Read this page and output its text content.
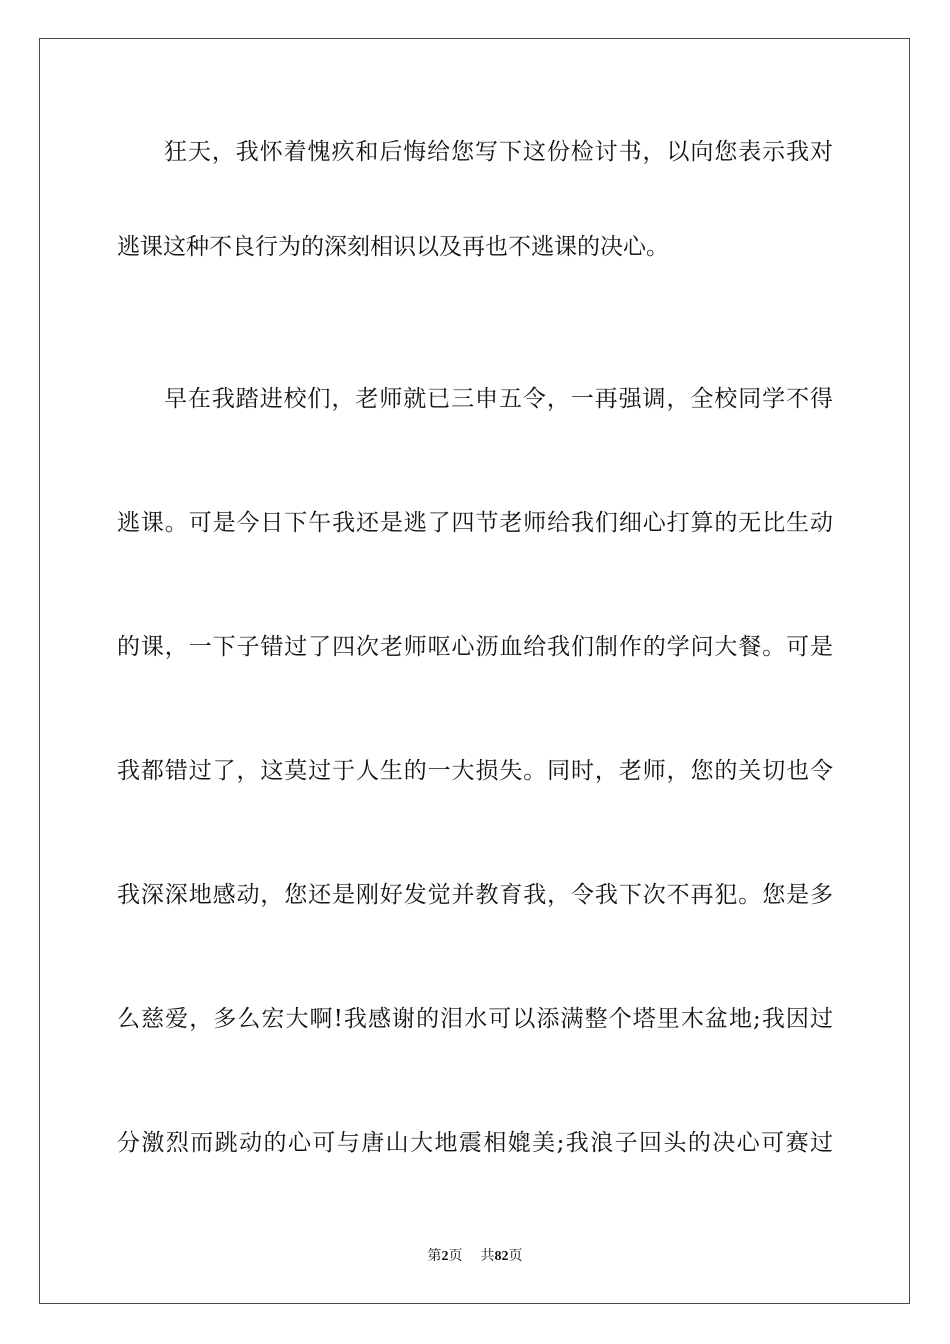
狂天，我怀着愧疚和后悔给您写下这份检讨书，以向您表示我对
逃课这种不良行为的深刻相识以及再也不逃课的决心。
早在我踏进校们，老师就已三申五令，一再强调，全校同学不得
逃课。可是今日下午我还是逃了四节老师给我们细心打算的无比生动
的课，一下子错过了四次老师呕心沥血给我们制作的学问大餐。可是
我都错过了，这莫过于人生的一大损失。同时，老师，您的关切也令
我深深地感动，您还是刚好发觉并教育我，令我下次不再犯。您是多
么慈爱，多么宏大啊!我感谢的泪水可以添满整个塔里木盆地;我因过
分激烈而跳动的心可与唐山大地震相媲美;我浪子回头的决心可赛过
第2页 共82页
